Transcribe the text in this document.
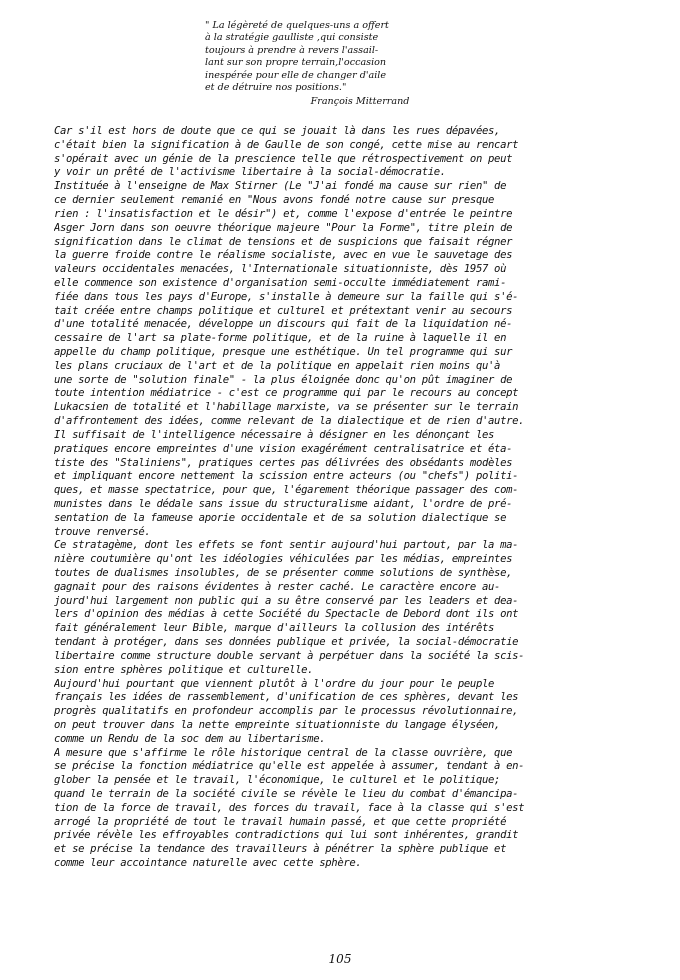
" La légèreté de quelques-uns a offert
à la stratégie gaulliste ,qui consiste
toujours à prendre à revers l'assail-
lant sur son propre terrain,l'occasion
inespérée pour elle de changer d'aile
et de détruire nos positions."
François Mitterrand
Car s'il est hors de doute que ce qui se jouait là dans les rues dépavées,
c'était bien la signification à de Gaulle de son congé, cette mise au rencart
s'opérait avec un génie de la prescience telle que rétrospectivement on peut
y voir un prêté de l'activisme libertaire à la social-démocratie.
Instituée à l'enseigne de Max Stirner (Le "J'ai fondé ma cause sur rien" de
ce dernier seulement remanié en "Nous avons fondé notre cause sur presque
rien : l'insatisfaction et le désir") et, comme l'expose d'entrée le peintre
Asger Jorn dans son oeuvre théorique majeure "Pour la Forme", titre plein de
signification dans le climat de tensions et de suspicions que faisait régner
la guerre froide contre le réalisme socialiste, avec en vue le sauvetage des
valeurs occidentales menacées, l'Internationale situationniste, dès 1957 où
elle commence son existence d'organisation semi-occulte immédiatement rami-
fiée dans tous les pays d'Europe, s'installe à demeure sur la faille qui s'é-
tait créée entre champs politique et culturel et prétextant venir au secours
d'une totalité menacée, développe un discours qui fait de la liquidation né-
cessaire de l'art sa plate-forme politique, et de la ruine à laquelle il en
appelle du champ politique, presque une esthétique. Un tel programme qui sur
les plans cruciaux de l'art et de la politique en appelait rien moins qu'à
une sorte de "solution finale" - la plus éloignée donc qu'on pût imaginer de
toute intention médiatrice - c'est ce programme qui par le recours au concept
Lukacsien de totalité et l'habillage marxiste, va se présenter sur le terrain
d'affrontement des idées, comme relevant de la dialectique et de rien d'autre.
Il suffisait de l'intelligence nécessaire à désigner en les dénonçant les
pratiques encore empreintes d'une vision exagérément centralisatrice et éta-
tiste des "Staliniens", pratiques certes pas délivrées des obsédants modèles
et impliquant encore nettement la scission entre acteurs (ou "chefs") politi-
ques, et masse spectatrice, pour que, l'égarement théorique passager des com-
munistes dans le dédale sans issue du structuralisme aidant, l'ordre de pré-
sentation de la fameuse aporie occidentale et de sa solution dialectique se
trouve renversé.
Ce stratagème, dont les effets se font sentir aujourd'hui partout, par la ma-
nière coutumière qu'ont les idéologies véhiculées par les médias, empreintes
toutes de dualismes insolubles, de se présenter comme solutions de synthèse,
gagnait pour des raisons évidentes à rester caché. Le caractère encore au-
jourd'hui largement non public qui a su être conservé par les leaders et dea-
lers d'opinion des médias à cette Société du Spectacle de Debord dont ils ont
fait généralement leur Bible, marque d'ailleurs la collusion des intérêts
tendant à protéger, dans ses données publique et privée, la social-démocratie
libertaire comme structure double servant à perpétuer dans la société la scis-
sion entre sphères politique et culturelle.
Aujourd'hui pourtant que viennent plutôt à l'ordre du jour pour le peuple
français les idées de rassemblement, d'unification de ces sphères, devant les
progrès qualitatifs en profondeur accomplis par le processus révolutionnaire,
on peut trouver dans la nette empreinte situationniste du langage élyséen,
comme un Rendu de la soc dem au libertarisme.
A mesure que s'affirme le rôle historique central de la classe ouvrière, que
se précise la fonction médiatrice qu'elle est appelée à assumer, tendant à en-
glober la pensée et le travail, l'économique, le culturel et le politique;
quand le terrain de la société civile se révèle le lieu du combat d'émancipa-
tion de la force de travail, des forces du travail, face à la classe qui s'est
arrogé la propriété de tout le travail humain passé, et que cette propriété
privée révèle les effroyables contradictions qui lui sont inhérentes, grandit
et se précise la tendance des travailleurs à pénétrer la sphère publique et
comme leur accointance naturelle avec cette sphère.
105
